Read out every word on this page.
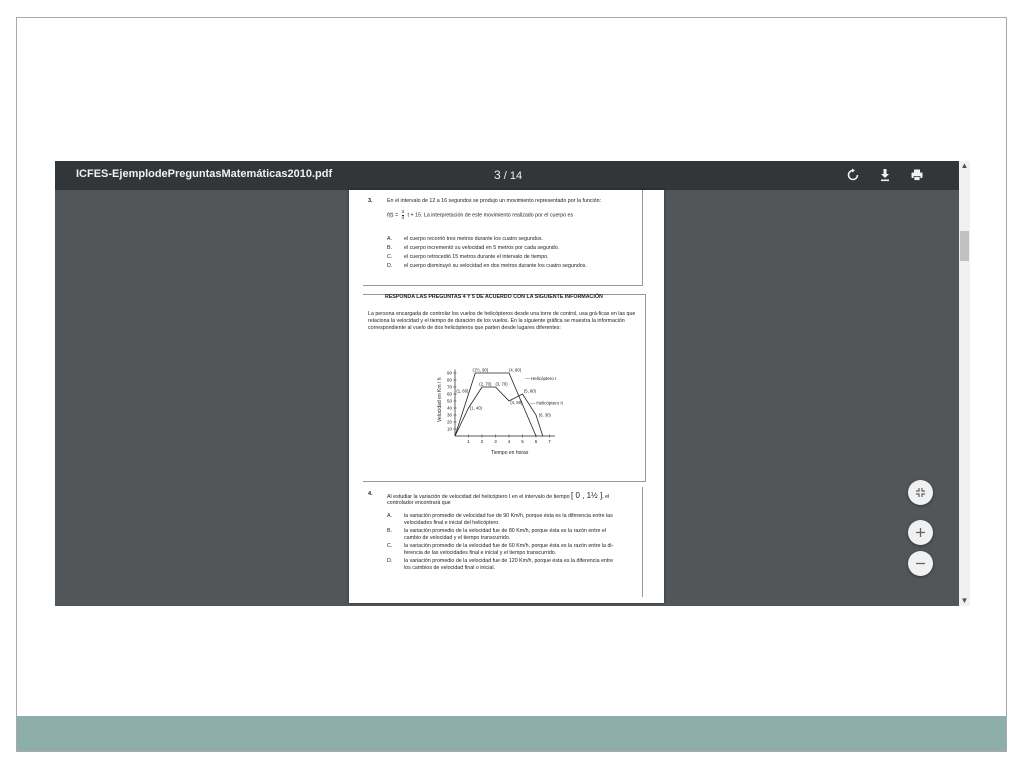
ICFES-EjemplodePreguntasMatemáticas2010.pdf	3 / 14
3.	En el intervalo de 12 a 16 segundos se produjo un movimiento representado por la función:
$f(t) = \frac{3}{4}$ t + 15. La interpretación de este movimiento realizado por el cuerpo es
A. el cuerpo recorrió tres metros durante los cuatro segundos.
B. el cuerpo incrementó su velocidad en 5 metros por cada segundo.
C. el cuerpo retrocedió 15 metros durante el intervalo de tiempo.
D. el cuerpo disminuyó su velocidad en dos metros durante los cuatro segundos.
RESPONDA LAS PREGUNTAS 4 Y 5 DE ACUERDO CON LA SIGUIENTE INFORMACIÓN
La persona encargada de controlar los vuelos de helicópteros desde una torre de control, usa grá-ficas en las que relaciona la velocidad y el tiempo de duración de los vuelos. En la siguiente gráfica se muestra la información correspondiente al vuelo de dos helicópteros que parten desde lugares diferentes:
Velocidad en Km / h
Tiempo en horas
90
80
70
60
50
40
30
20
10
1 2 3 4 5 6 7
— Helicóptero I
— Helicóptero II
(1½, 90)	(4, 90)
(2, 70) (3, 70)
(1, 60)	(5, 60)
(1, 40)
(4, 50)
(6, 30)
4.	Al estudiar la variación de velocidad del helicóptero I en el intervalo de tiempo [ 0 , 1½ ], el
controlador encontrará que
A. la variación promedio de velocidad fue de 90 Km/h, porque ésta es la diferencia entre las
velocidades final e inicial del helicóptero.
B. la variación promedio de la velocidad fue de 80 Km/h, porque ésta es la razón entre el
cambio de velocidad y el tiempo transcurrido.
C. la variación promedio de la velocidad fue de 60 Km/h, porque ésta es la razón entre la di-
ferencia de las velocidades final e inicial y el tiempo transcurrido.
D. la variación promedio de la velocidad fue de 120 Km/h, porque ésta es la diferencia entre
los cambios de velocidad final o inicial.
▲
▼
